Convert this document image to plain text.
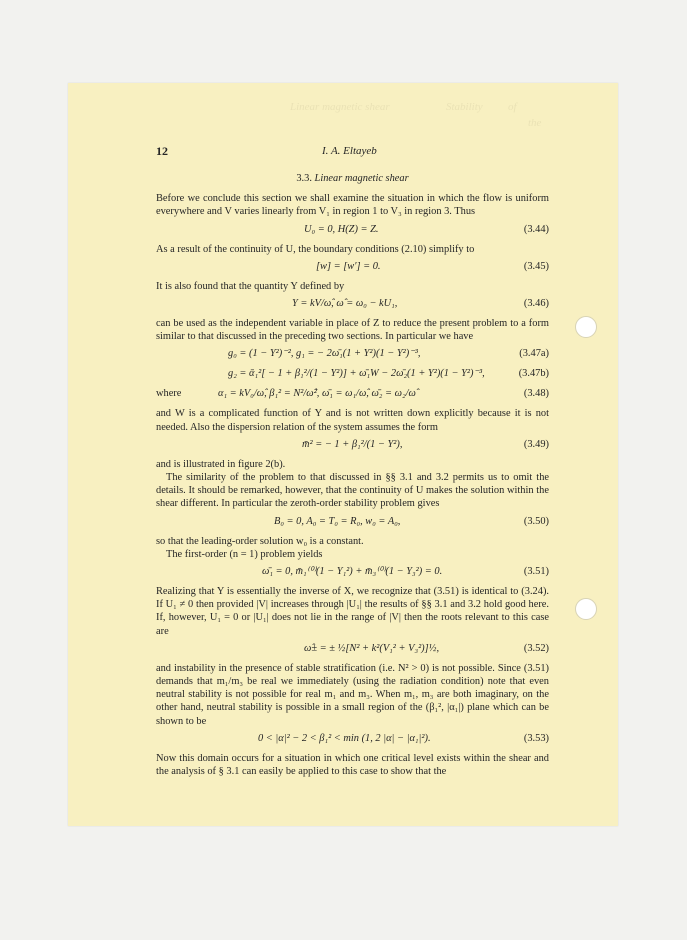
Linear magnetic shear	Stability of
the
12	I. A. Eltayeb
3.3. Linear magnetic shear

Before we conclude this section we shall examine the situation in which the flow is uniform everywhere and V varies linearly from V₁ in region 1 to V₃ in region 3. Thus

U₀ = 0, H(Z) = Z.	(3.44)

As a result of the continuity of U, the boundary conditions (2.10) simplify to

[w] = [w′] = 0.	(3.45)

It is also found that the quantity Y defined by

Y = kV/ω̂, ω̂ = ω₀ − kU₁,	(3.46)

can be used as the independent variable in place of Z to reduce the present problem to a form similar to that discussed in the preceding two sections. In particular we have

g₀ = (1 − Y²)⁻², g₁ = − 2ω̄₁(1 + Y²)(1 − Y²)⁻³,	(3.47a)
g₂ = ᾱ₁²[ − 1 + β₁²/(1 − Y²)] + ω̄₁W − 2ω̄₂(1 + Y²)(1 − Y²)⁻³,	(3.47b)
where	α₁ = kV₀/ω̂, β₁² = N²/ω̂², ω̄₁ = ω₁/ω̂, ω̄₂ = ω₂/ω̂	(3.48)

and W is a complicated function of Y and is not written down explicitly because it is not needed. Also the dispersion relation of the system assumes the form

m̄² = − 1 + β₁²/(1 − Y²),	(3.49)

and is illustrated in figure 2(b).

The similarity of the problem to that discussed in §§ 3.1 and 3.2 permits us to omit the details. It should be remarked, however, that the continuity of U makes the solution within the shear different. In particular the zeroth-order stability problem gives

B₀ = 0, A₀ = T₀ = R₀, w₀ = A₀,	(3.50)

so that the leading-order solution w₀ is a constant.

The first-order (n = 1) problem yields

ω̄₁ = 0, m̄₁⁽⁰⁾(1 − Y₁²) + m̄₃⁽⁰⁾(1 − Y₃²) = 0.	(3.51)

Realizing that Y is essentially the inverse of X, we recognize that (3.51) is identical to (3.24). If U₁ ≠ 0 then provided |V| increases through |U₁| the results of §§ 3.1 and 3.2 hold good here. If, however, U₁ = 0 or |U₁| does not lie in the range of |V| then the roots relevant to this case are

ω̂± = ± ½[N² + k²(V₁² + V₃²)]½,	(3.52)

and instability in the presence of stable stratification (i.e. N² > 0) is not possible. Since (3.51) demands that m₁/m₃ be real we immediately (using the radiation condition) note that even neutral stability is not possible for real m₁ and m₃. When m₁, m₃ are both imaginary, on the other hand, neutral stability is possible in a small region of the (β₁², |α₁|) plane which can be shown to be

0 < |α|² − 2 < β₁² < min (1, 2 |α| − |α₁|²).	(3.53)

Now this domain occurs for a situation in which one critical level exists within the shear and the analysis of § 3.1 can easily be applied to this case to show that the
